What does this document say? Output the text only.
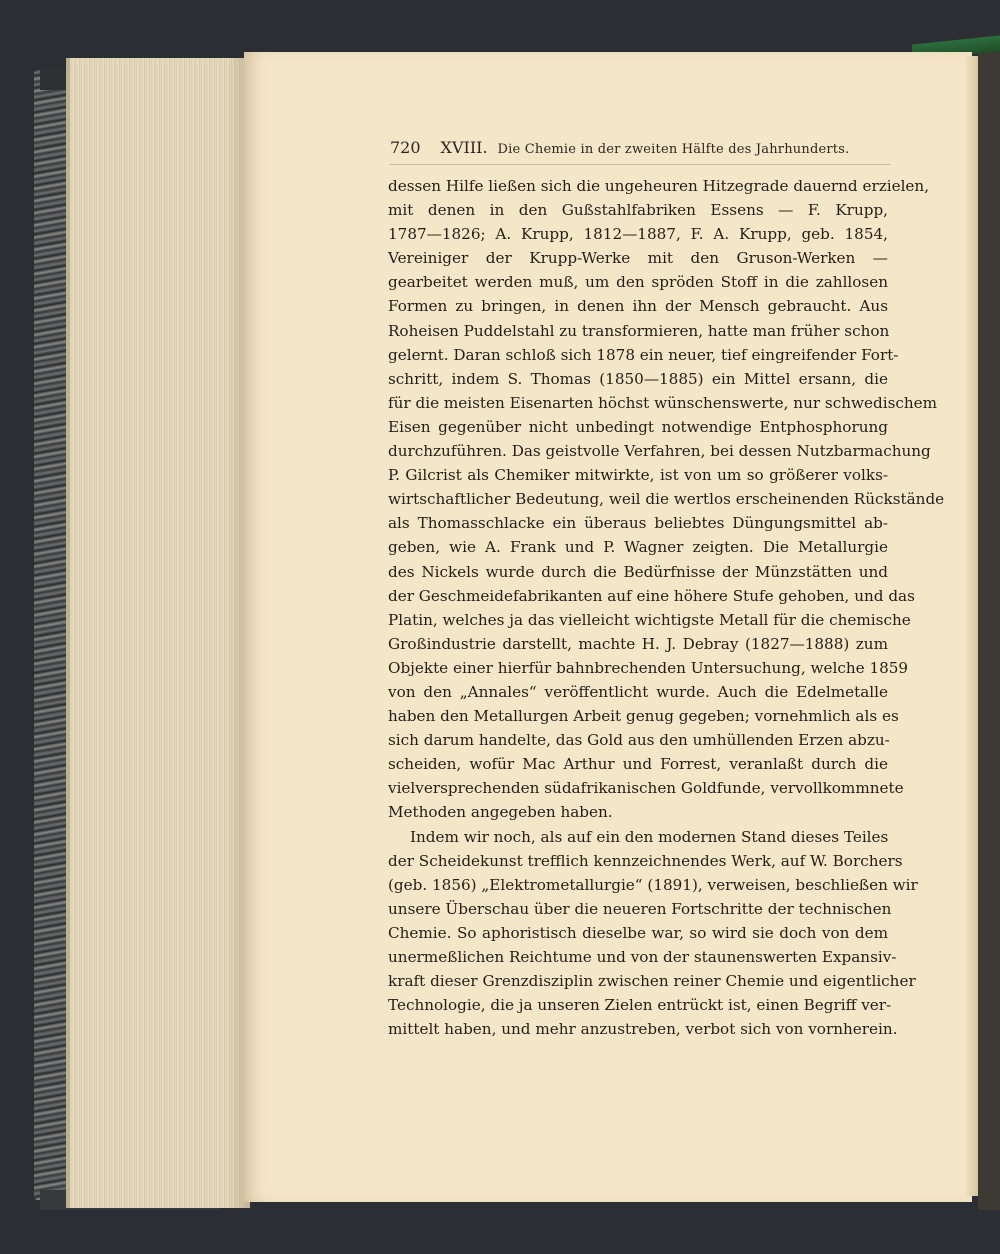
720 XVIII. Die Chemie in der zweiten Hälfte des Jahrhunderts.
dessen Hilfe ließen sich die ungeheuren Hitzegrade dauernd erzielen,
mit denen in den Gußstahlfabriken Essens — F. Krupp,
1787—1826; A. Krupp, 1812—1887, F. A. Krupp, geb. 1854,
Vereiniger der Krupp-Werke mit den Gruson-Werken —
gearbeitet werden muß, um den spröden Stoff in die zahllosen
Formen zu bringen, in denen ihn der Mensch gebraucht. Aus
Roheisen Puddelstahl zu transformieren, hatte man früher schon
gelernt. Daran schloß sich 1878 ein neuer, tief eingreifender Fort-
schritt, indem S. Thomas (1850—1885) ein Mittel ersann, die
für die meisten Eisenarten höchst wünschenswerte, nur schwedischem
Eisen gegenüber nicht unbedingt notwendige Entphosphorung
durchzuführen. Das geistvolle Verfahren, bei dessen Nutzbarmachung
P. Gilcrist als Chemiker mitwirkte, ist von um so größerer volks-
wirtschaftlicher Bedeutung, weil die wertlos erscheinenden Rückstände
als Thomasschlacke ein überaus beliebtes Düngungsmittel ab-
geben, wie A. Frank und P. Wagner zeigten. Die Metallurgie
des Nickels wurde durch die Bedürfnisse der Münzstätten und
der Geschmeidefabrikanten auf eine höhere Stufe gehoben, und das
Platin, welches ja das vielleicht wichtigste Metall für die chemische
Großindustrie darstellt, machte H. J. Debray (1827—1888) zum
Objekte einer hierfür bahnbrechenden Untersuchung, welche 1859
von den „Annales“ veröffentlicht wurde. Auch die Edelmetalle
haben den Metallurgen Arbeit genug gegeben; vornehmlich als es
sich darum handelte, das Gold aus den umhüllenden Erzen abzu-
scheiden, wofür Mac Arthur und Forrest, veranlaßt durch die
vielversprechenden südafrikanischen Goldfunde, vervollkommnete
Methoden angegeben haben.
Indem wir noch, als auf ein den modernen Stand dieses Teiles
der Scheidekunst trefflich kennzeichnendes Werk, auf W. Borchers
(geb. 1856) „Elektrometallurgie“ (1891), verweisen, beschließen wir
unsere Überschau über die neueren Fortschritte der technischen
Chemie. So aphoristisch dieselbe war, so wird sie doch von dem
unermeßlichen Reichtume und von der staunenswerten Expansiv-
kraft dieser Grenzdisziplin zwischen reiner Chemie und eigentlicher
Technologie, die ja unseren Zielen entrückt ist, einen Begriff ver-
mittelt haben, und mehr anzustreben, verbot sich von vornherein.
